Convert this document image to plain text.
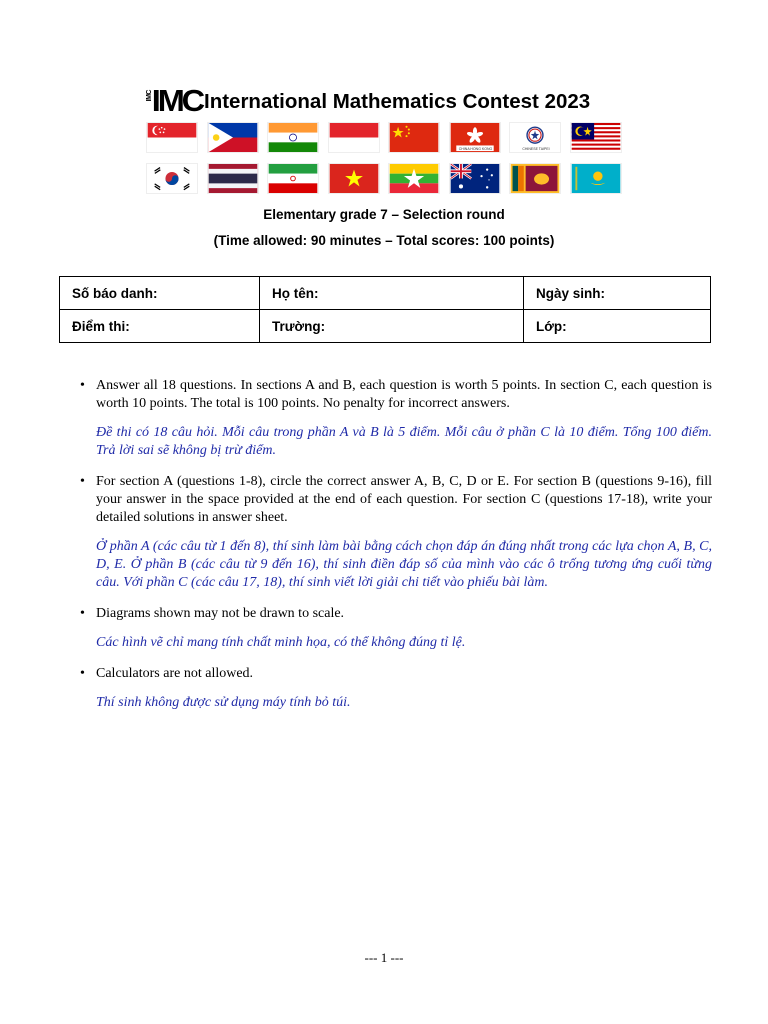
IMC
IMC International Mathematics Contest 2023
CHINA HONG KONG	CHINESE TAIPEI
Elementary grade 7 – Selection round
(Time allowed: 90 minutes – Total scores: 100 points)
Số báo danh:	Họ tên:	Ngày sinh:
Điểm thi:	Trường:	Lớp:
• Answer all 18 questions. In sections A and B, each question is worth 5 points. In section C, each question is worth 10 points. The total is 100 points. No penalty for incorrect answers.
Đề thi có 18 câu hỏi. Mỗi câu trong phần A và B là 5 điểm. Mỗi câu ở phần C là 10 điểm. Tổng 100 điểm. Trả lời sai sẽ không bị trừ điểm.
• For section A (questions 1-8), circle the correct answer A, B, C, D or E. For section B (questions 9-16), fill your answer in the space provided at the end of each question. For section C (questions 17-18), write your detailed solutions in answer sheet.
Ở phần A (các câu từ 1 đến 8), thí sinh làm bài bằng cách chọn đáp án đúng nhất trong các lựa chọn A, B, C, D, E. Ở phần B (các câu từ 9 đến 16), thí sinh điền đáp số của mình vào các ô trống tương ứng cuối từng câu. Với phần C (các câu 17, 18), thí sinh viết lời giải chi tiết vào phiếu bài làm.
• Diagrams shown may not be drawn to scale.
Các hình vẽ chỉ mang tính chất minh họa, có thể không đúng tỉ lệ.
• Calculators are not allowed.
Thí sinh không được sử dụng máy tính bỏ túi.
--- 1 ---
